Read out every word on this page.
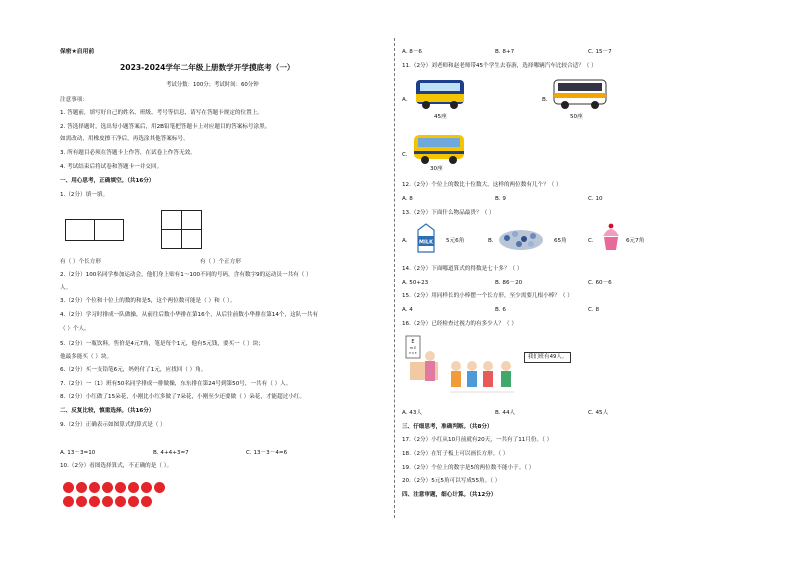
保密★启用前
2023-2024学年二年级上册数学开学摸底考（一）
考试分数：100分；考试时间：60分钟
注意事项：
1. 答题前，填写好自己的姓名、班级、考号等信息，请写在答题卡规定的位置上。
2. 答选择题时，选出每小题答案后，用2B铅笔把答题卡上对应题目的答案标号涂黑。
如需改动，用橡皮擦干净后，再选涂其他答案标号。
3. 所有题目必须在答题卡上作答，在试卷上作答无效。
4. 考试结束后将试卷和答题卡一并交回。
一、用心思考，正确填空。（共16分）
1.（2分）填一填。
有（ ）个长方形	有（ ）个正方形
2.（2分）100名同学参加运动会，他们身上贴有1～100不同的号码，含有数字9的运动员一共有（ ）
人。
3.（2分）个位和十位上的数的和是5，这个两位数可能是（ ）和（ ）。
4.（2分）学习时排成一队做操，从前往后数小华排在第16个，从后往前数小华排在第14个，这队一共有
（ ）个人。
5.（2分）一瓶饮料，售价是4元7角，笔是每个1元，他有5元钱，要买一（ ）块；
他最多能买（ ）块。
6.（2分）买一支铅笔6元，妈妈付了1元，应找回（ ）角。
7.（2分）一（1）班有50名同学排成一排做操，东东排在第24号到第50号，一共有（ ）人。
8.（2分）小红做了15朵花，小刚比小红多做了7朵花，小刚至少还要做（ ）朵花，才能超过小红。
二、反复比较，慎重选择。（共16分）
9.（2分）正确表示如图算式的算式是（ ）
A. 13－3=10	B. 4+4+3=7	C. 13－3－4=6
10.（2分）看图选择算式，不正确的是（ ）。
A. 8－6	B. 8+7	C. 15－7
11.（2分）刘老师和赵老师带45个学生去春游，选择哪辆汽车比较合适？（ ）
A.
45座
B.
50座
C.
30座
12.（2分）个位上的数比十位数大，这样的两位数有几个？（ ）
A. 8	B. 9	C. 10
13.（2分）下面什么物品最贵？（ ）
A. MILK 5元6角	B.	65角	C.	6元7角
14.（2分）下面哪道算式的得数是七十多？（ ）
A. 50+23	B. 86－20	C. 60－6
15.（2分）用同样长的小棒摆一个长方形，至少需要几根小棒？（ ）
A. 4	B. 6	C. 8
16.（2分）已经检查过视力的有多少人？（ ）
E
m E
E m E
我们班有49人。
A. 43人	B. 44人	C. 45人
三、仔细思考，准确判断。（共8分）
17.（2分）小红从10月前就有20天，一共有了11月份。（ ）
18.（2分）在钉子板上可以画长方形。（ ）
19.（2分）个位上的数字是5的两位数不能小于。（ ）
20.（2分）5元5角可以写成55角。（ ）
四、注意审题，细心计算。（共12分）
